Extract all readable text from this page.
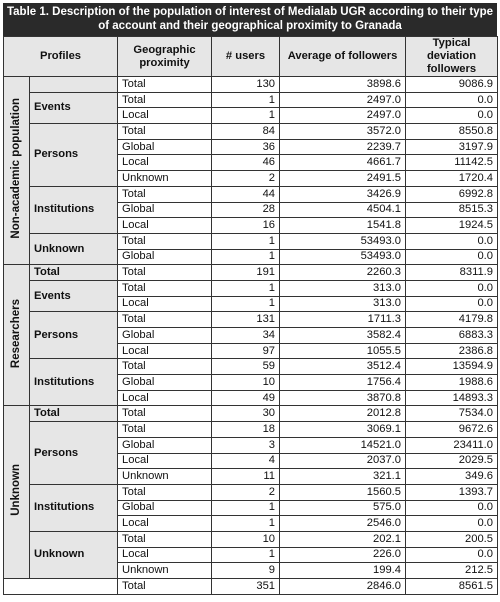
Table 1. Description of the population of interest of Medialab UGR according to their type of account and their geographical proximity to Granada
Profiles		Geographic proximity	# users	Average of followers	Typical deviation followers
Non-academic population		Total	130	3898.6	9086.9
	Events	Total	1	2497.0	0.0
		Local	1	2497.0	0.0
	Persons	Total	84	3572.0	8550.8
		Global	36	2239.7	3197.9
		Local	46	4661.7	11142.5
		Unknown	2	2491.5	1720.4
	Institutions	Total	44	3426.9	6992.8
		Global	28	4504.1	8515.3
		Local	16	1541.8	1924.5
	Unknown	Total	1	53493.0	0.0
		Global	1	53493.0	0.0
Researchers	Total	Total	191	2260.3	8311.9
	Events	Total	1	313.0	0.0
		Local	1	313.0	0.0
	Persons	Total	131	1711.3	4179.8
		Global	34	3582.4	6883.3
		Local	97	1055.5	2386.8
	Institutions	Total	59	3512.4	13594.9
		Global	10	1756.4	1988.6
		Local	49	3870.8	14893.3
Unknown	Total	Total	30	2012.8	7534.0
	Persons	Total	18	3069.1	9672.6
		Global	3	14521.0	23411.0
		Local	4	2037.0	2029.5
		Unknown	11	321.1	349.6
	Institutions	Total	2	1560.5	1393.7
		Global	1	575.0	0.0
		Local	1	2546.0	0.0
	Unknown	Total	10	202.1	200.5
		Local	1	226.0	0.0
		Unknown	9	199.4	212.5
		Total	351	2846.0	8561.5
